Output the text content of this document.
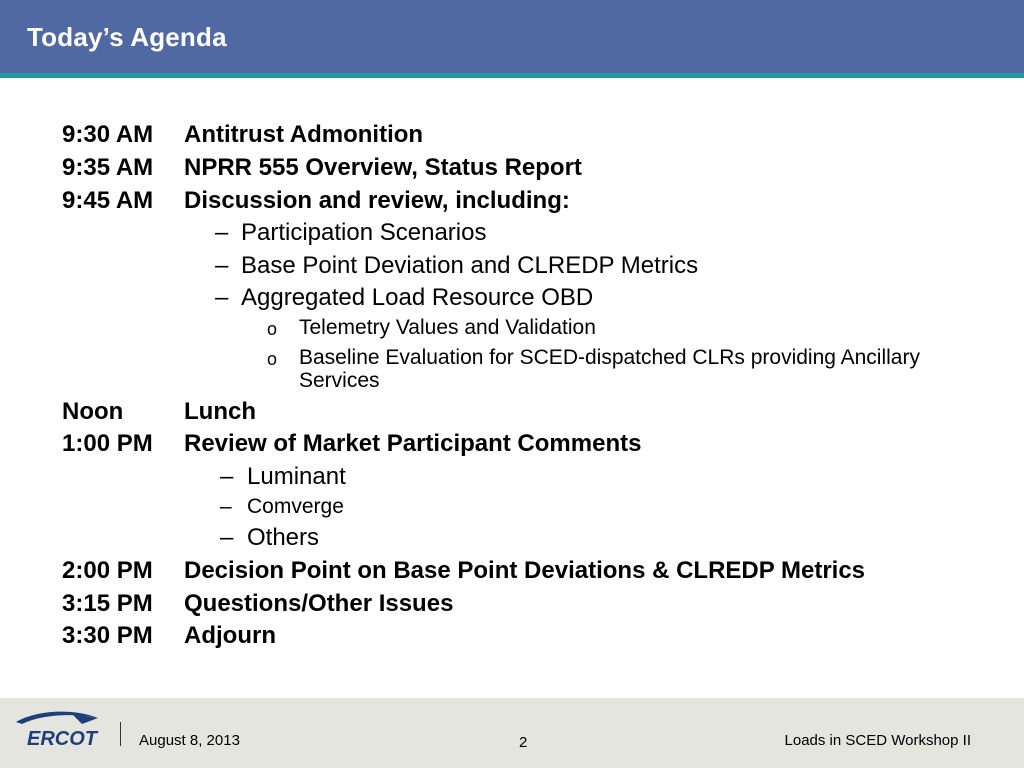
Today’s Agenda
9:30 AM Antitrust Admonition
9:35 AM NPRR 555 Overview, Status Report
9:45 AM Discussion and review, including:
– Participation Scenarios
– Base Point Deviation and CLREDP Metrics
– Aggregated Load Resource OBD
o Telemetry Values and Validation
o Baseline Evaluation for SCED-dispatched CLRs providing Ancillary Services
Noon	Lunch
1:00 PM Review of Market Participant Comments
– Luminant
– Comverge
– Others
2:00 PM Decision Point on Base Point Deviations & CLREDP Metrics
3:15 PM Questions/Other Issues
3:30 PM Adjourn
ERCOT	August 8, 2013	2	Loads in SCED Workshop II
